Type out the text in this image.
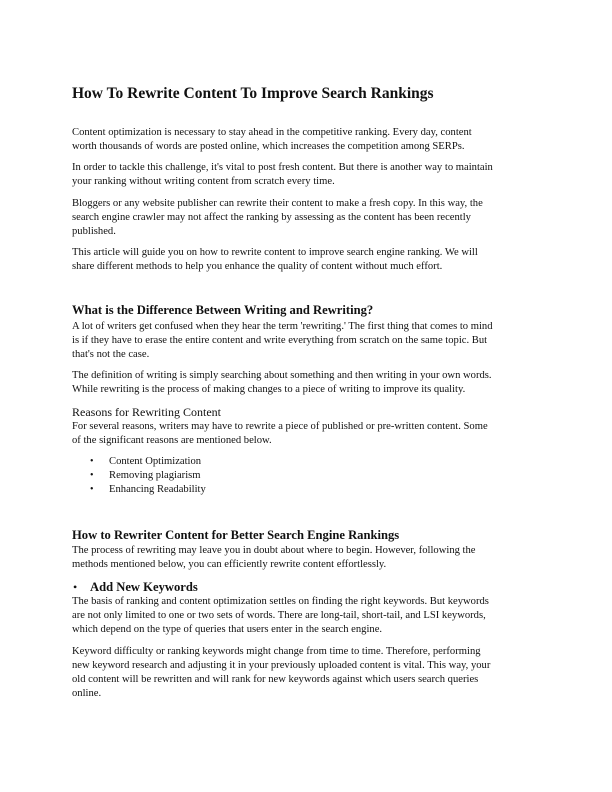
How To Rewrite Content To Improve Search Rankings
Content optimization is necessary to stay ahead in the competitive ranking. Every day, content
worth thousands of words are posted online, which increases the competition among SERPs.
In order to tackle this challenge, it's vital to post fresh content. But there is another way to maintain
your ranking without writing content from scratch every time.
Bloggers or any website publisher can rewrite their content to make a fresh copy. In this way, the
search engine crawler may not affect the ranking by assessing as the content has been recently
published.
This article will guide you on how to rewrite content to improve search engine ranking. We will
share different methods to help you enhance the quality of content without much effort.
What is the Difference Between Writing and Rewriting?
A lot of writers get confused when they hear the term 'rewriting.' The first thing that comes to mind
is if they have to erase the entire content and write everything from scratch on the same topic. But
that's not the case.
The definition of writing is simply searching about something and then writing in your own words.
While rewriting is the process of making changes to a piece of writing to improve its quality.
Reasons for Rewriting Content
For several reasons, writers may have to rewrite a piece of published or pre-written content. Some
of the significant reasons are mentioned below.
• Content Optimization
• Removing plagiarism
• Enhancing Readability
How to Rewriter Content for Better Search Engine Rankings
The process of rewriting may leave you in doubt about where to begin. However, following the
methods mentioned below, you can efficiently rewrite content effortlessly.
• Add New Keywords
The basis of ranking and content optimization settles on finding the right keywords. But keywords
are not only limited to one or two sets of words. There are long-tail, short-tail, and LSI keywords,
which depend on the type of queries that users enter in the search engine.
Keyword difficulty or ranking keywords might change from time to time. Therefore, performing
new keyword research and adjusting it in your previously uploaded content is vital. This way, your
old content will be rewritten and will rank for new keywords against which users search queries
online.
